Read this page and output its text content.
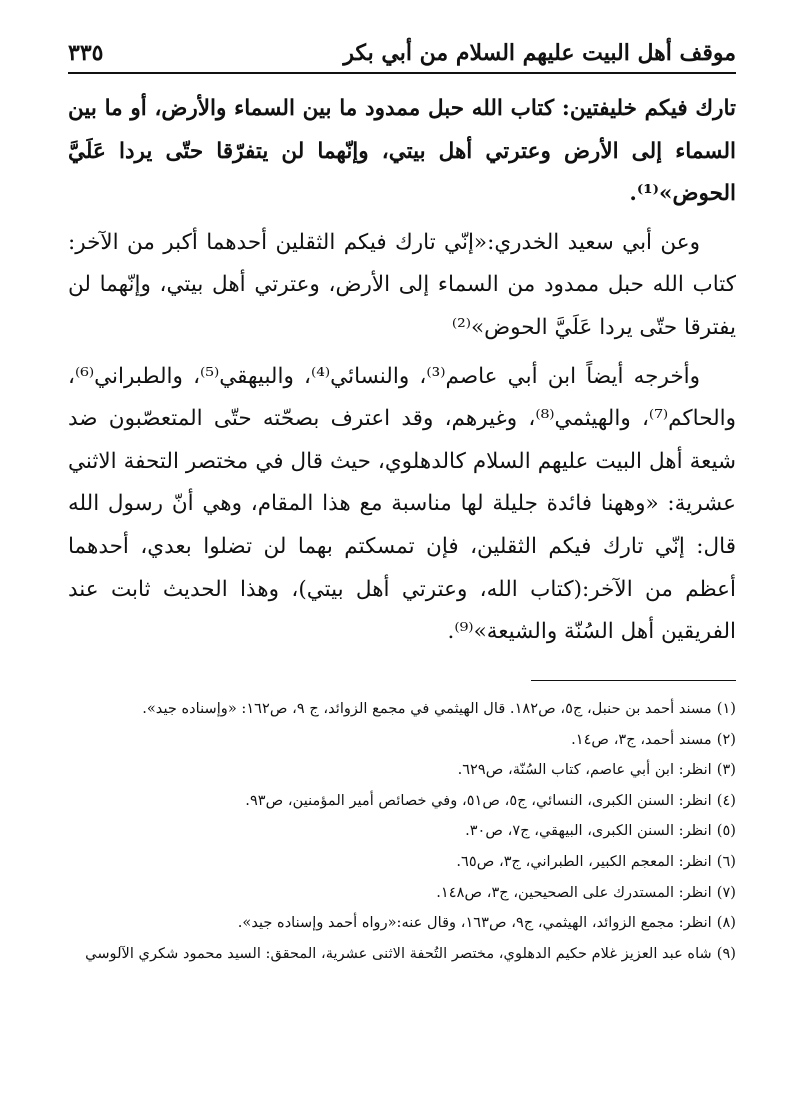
موقف أهل البيت عليهم السلام من أبي بكر
٣٣٥

تارك فيكم خليفتين: كتاب الله حبل ممدود ما بين السماء والأرض، أو ما بين السماء إلى الأرض وعترتي أهل بيتي، وإنّهما لن يتفرّقا حتّى يردا عَلَيَّ الحوض»⁽¹⁾.

وعن أبي سعيد الخدري:«إنّي تارك فيكم الثقلين أحدهما أكبر من الآخر: كتاب الله حبل ممدود من السماء إلى الأرض، وعترتي أهل بيتي، وإنّهما لن يفترقا حتّى يردا عَلَيَّ الحوض»⁽²⁾

وأخرجه أيضاً ابن أبي عاصم⁽³⁾، والنسائي⁽⁴⁾، والبيهقي⁽⁵⁾، والطبراني⁽⁶⁾، والحاكم⁽⁷⁾، والهيثمي⁽⁸⁾، وغيرهم، وقد اعترف بصحّته حتّى المتعصّبون ضد شيعة أهل البيت عليهم السلام كالدهلوي، حيث قال في مختصر التحفة الاثني عشرية: «وههنا فائدة جليلة لها مناسبة مع هذا المقام، وهي أنّ رسول الله قال: إنّي تارك فيكم الثقلين، فإن تمسكتم بهما لن تضلوا بعدي، أحدهما أعظم من الآخر:(كتاب الله، وعترتي أهل بيتي)، وهذا الحديث ثابت عند الفريقين أهل السُنّة والشيعة»⁽⁹⁾.

(١)مسند أحمد بن حنبل، ج٥، ص١٨٢. قال الهيثمي في مجمع الزوائد، ج ٩، ص١٦٢: «وإسناده جيد».

(٢)مسند أحمد، ج٣، ص١٤.

(٣)انظر: ابن أبي عاصم، كتاب السُنّة، ص٦٢٩.

(٤)انظر: السنن الكبرى، النسائي، ج٥، ص٥١، وفي خصائص أمير المؤمنين، ص٩٣.

(٥)انظر: السنن الكبرى، البيهقي، ج٧، ص٣٠.

(٦)انظر: المعجم الكبير، الطبراني، ج٣، ص٦٥.

(٧)انظر: المستدرك على الصحيحين، ج٣، ص١٤٨.

(٨)انظر: مجمع الزوائد، الهيثمي، ج٩، ص١٦٣، وقال عنه:«رواه أحمد وإسناده جيد».

(٩)شاه عبد العزيز غلام حكيم الدهلوي، مختصر التُحفة الاثنى عشرية، المحقق: السيد محمود شكري الآلوسي
